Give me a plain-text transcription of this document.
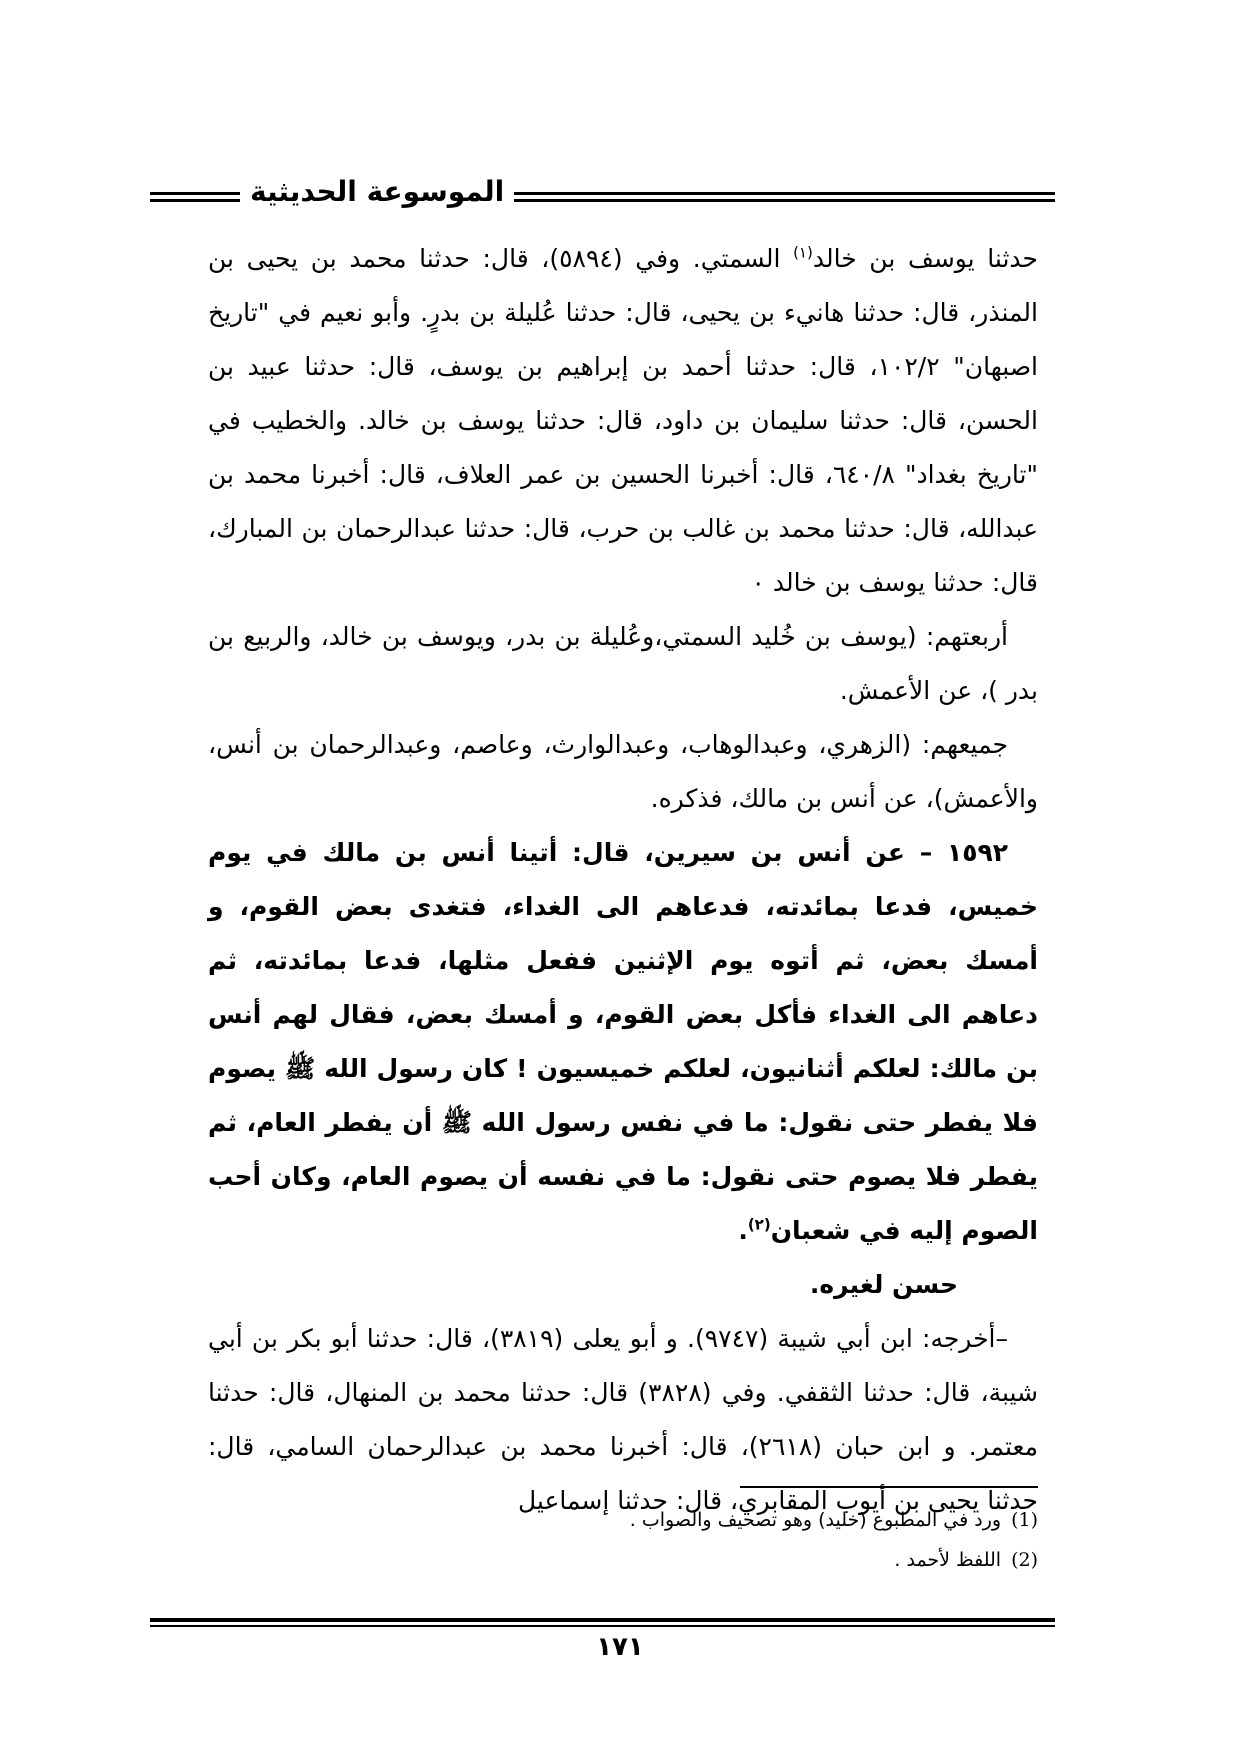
الموسوعة الحديثية

حدثنا يوسف بن خالد$^{(١)}$ السمتي. وفي (٥٨٩٤)، قال: حدثنا محمد بن يحيى بن المنذر، قال: حدثنا هانيء بن يحيى، قال: حدثنا عُليلة بن بدرٍ. وأبو نعيم في "تاريخ اصبهان" ١٠٢/٢، قال: حدثنا أحمد بن إبراهيم بن يوسف، قال: حدثنا عبيد بن الحسن، قال: حدثنا سليمان بن داود، قال: حدثنا يوسف بن خالد. والخطيب في "تاريخ بغداد" ٦٤٠/٨، قال: أخبرنا الحسين بن عمر العلاف، قال: أخبرنا محمد بن عبدالله، قال: حدثنا محمد بن غالب بن حرب، قال: حدثنا عبدالرحمان بن المبارك، قال: حدثنا يوسف بن خالد ٠

أربعتهم: (يوسف بن خُليد السمتي،وعُليلة بن بدر، ويوسف بن خالد، والربيع بن بدر )، عن الأعمش.

جميعهم: (الزهري، وعبدالوهاب، وعبدالوارث، وعاصم، وعبدالرحمان بن أنس، والأعمش)، عن أنس بن مالك، فذكره.

١٥٩٢ – عن أنس بن سيرين، قال: أتينا أنس بن مالك في يوم خميس، فدعا بمائدته، فدعاهم الى الغداء، فتغدى بعض القوم، و أمسك بعض، ثم أتوه يوم الإثنين ففعل مثلها، فدعا بمائدته، ثم دعاهم الى الغداء فأكل بعض القوم، و أمسك بعض، فقال لهم أنس بن مالك: لعلكم أثنانيون، لعلكم خميسيون ! كان رسول الله ﷺ يصوم فلا يفطر حتى نقول: ما في نفس رسول الله ﷺ أن يفطر العام، ثم يفطر فلا يصوم حتى نقول: ما في نفسه أن يصوم العام، وكان أحب الصوم إليه في شعبان$^{(٢)}$.

حسن لغيره.

–أخرجه: ابن أبي شيبة (٩٧٤٧). و أبو يعلى (٣٨١٩)، قال: حدثنا أبو بكر بن أبي شيبة، قال: حدثنا الثقفي. وفي (٣٨٢٨) قال: حدثنا محمد بن المنهال، قال: حدثنا معتمر. و ابن حبان (٢٦١٨)، قال: أخبرنا محمد بن عبدالرحمان السامي، قال: حدثنا يحيى بن أيوب المقابري، قال: حدثنا إسماعيل

(1)ورد في المطبوع (خليد) وهو تصحيف والصواب .

(2)اللفظ لأحمد .

١٧١
